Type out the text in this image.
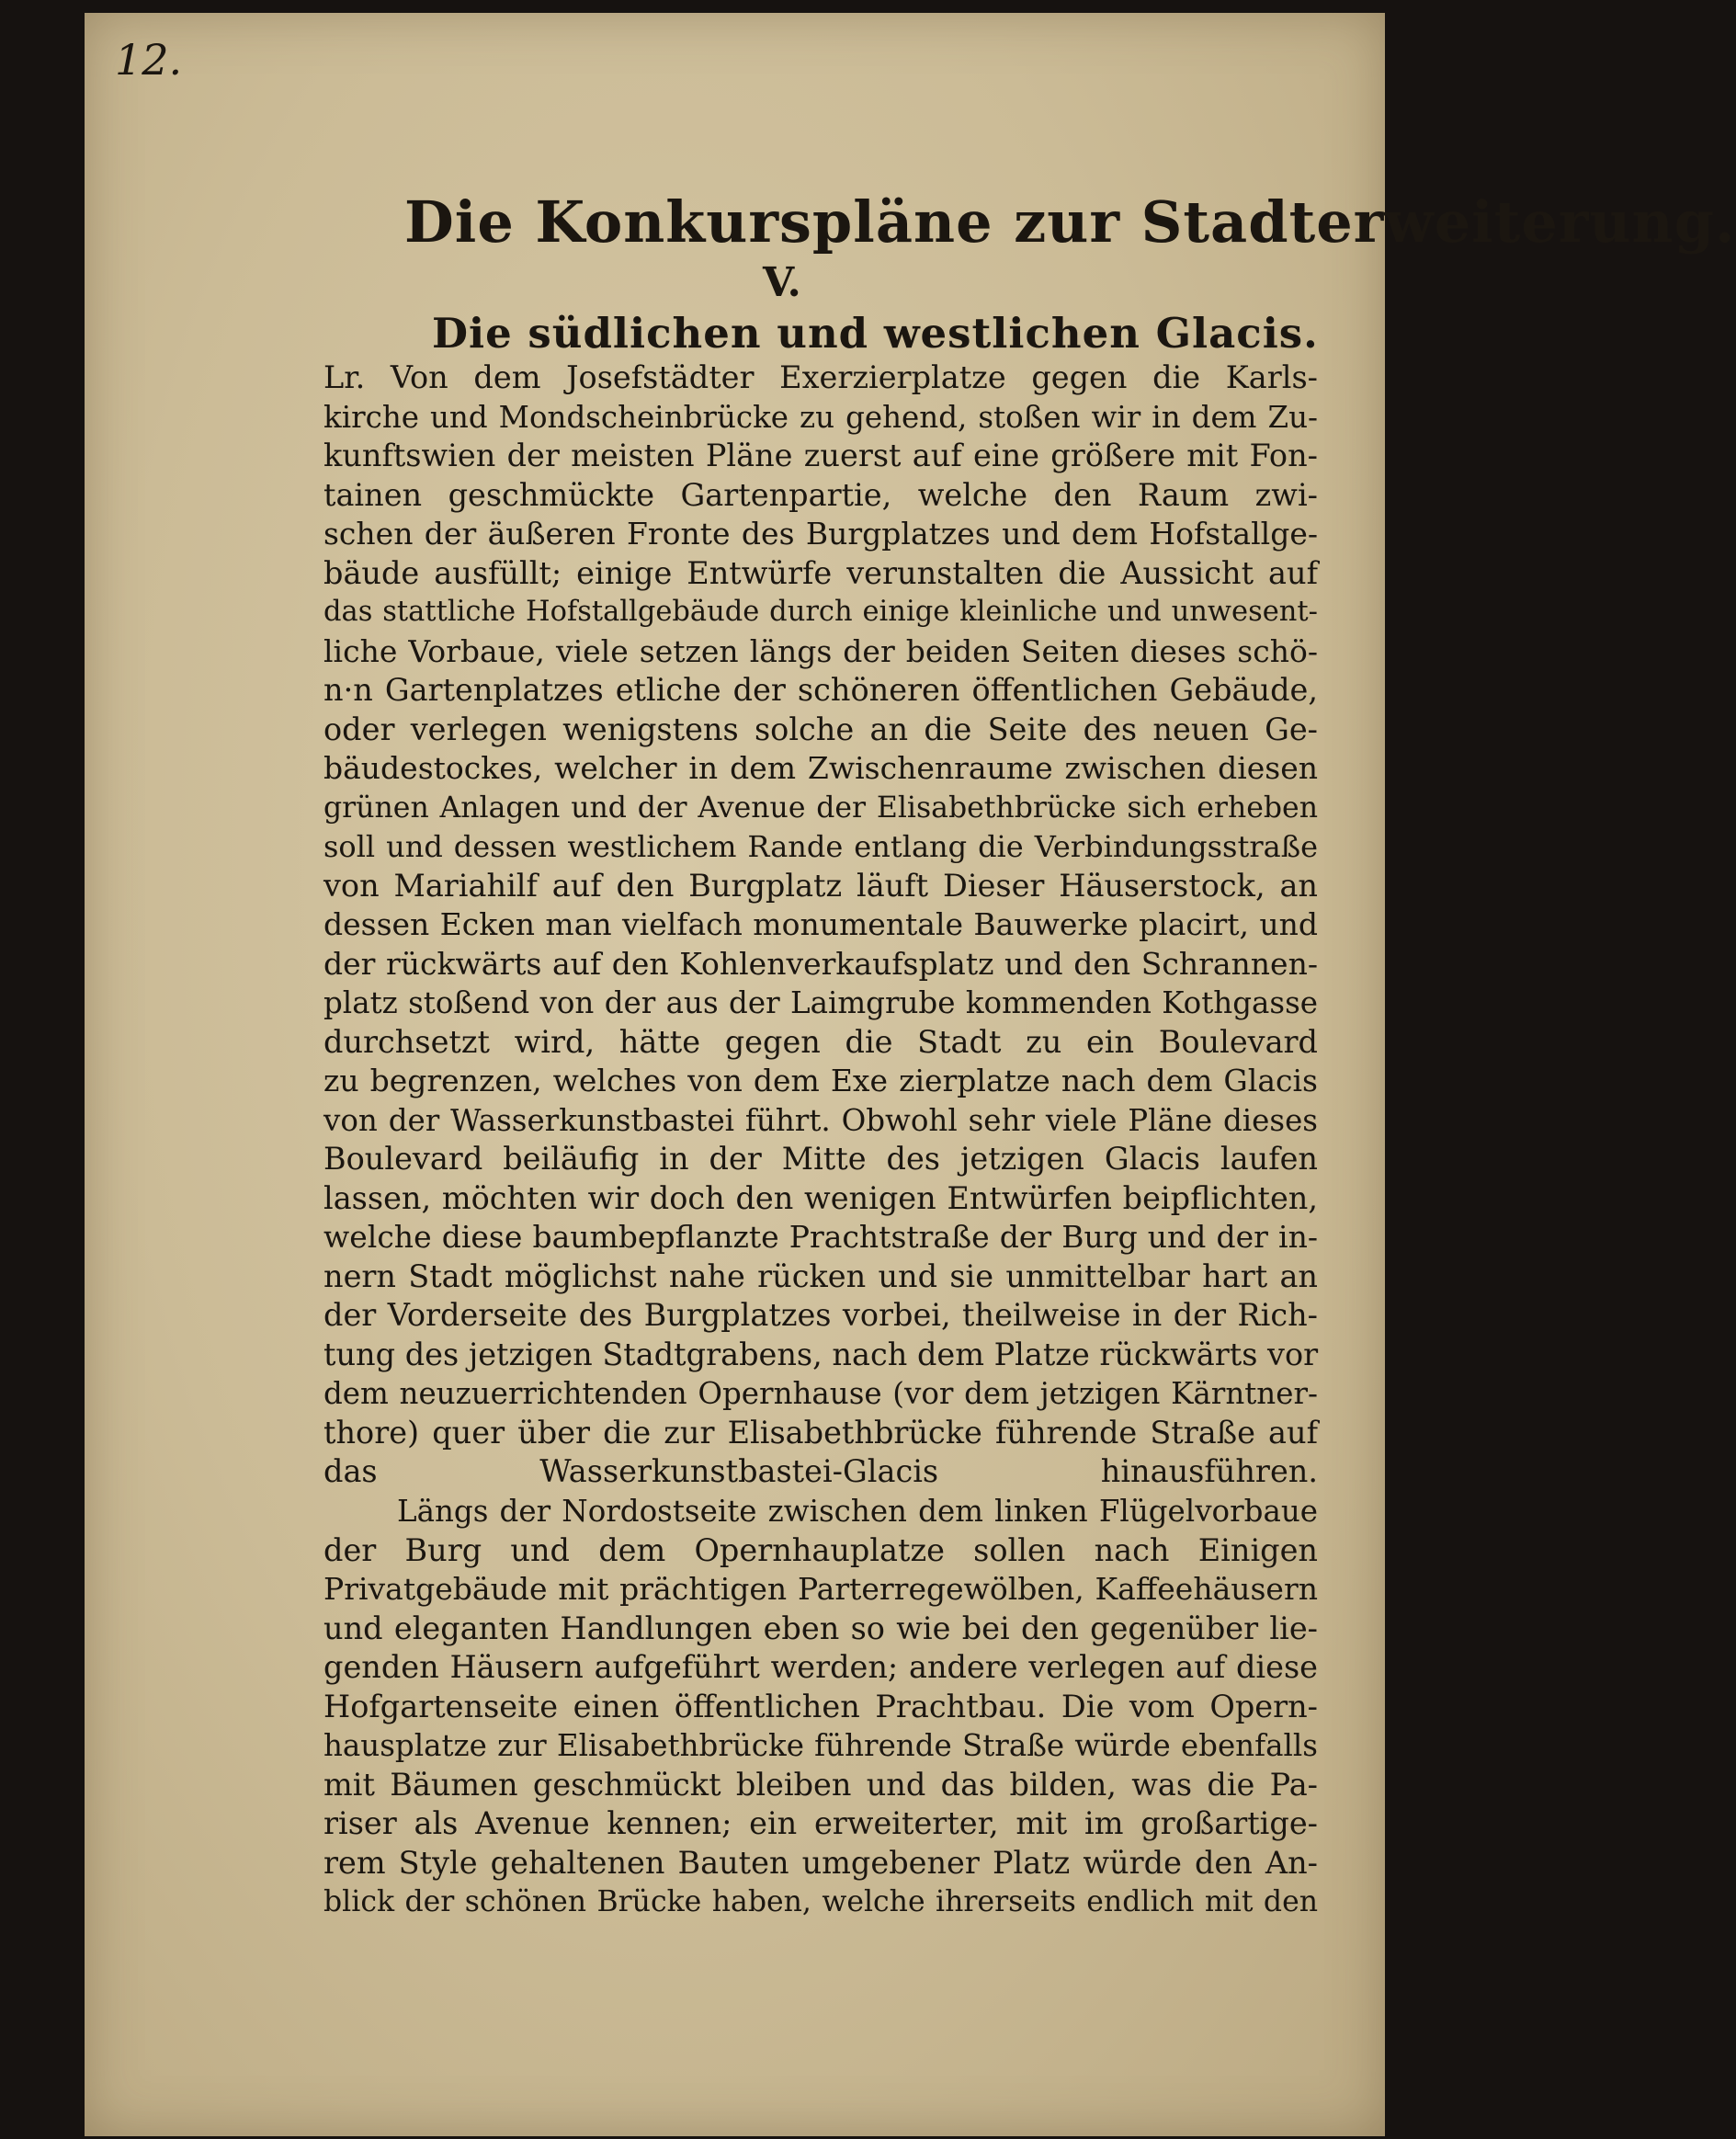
12.
Die Konkurspläne zur Stadterweiterung.
V.
Die südlichen und westlichen Glacis.
Lr. Von dem Josefstädter Exerzierplatze gegen die Karls-
kirche und Mondscheinbrücke zu gehend, stoßen wir in dem Zu-
kunftswien der meisten Pläne zuerst auf eine größere mit Fon-
tainen geschmückte Gartenpartie, welche den Raum zwi-
schen der äußeren Fronte des Burgplatzes und dem Hofstallge-
bäude ausfüllt; einige Entwürfe verunstalten die Aussicht auf
das stattliche Hofstallgebäude durch einige kleinliche und unwesent-
liche Vorbaue, viele setzen längs der beiden Seiten dieses schö-
n·n Gartenplatzes etliche der schöneren öffentlichen Gebäude,
oder verlegen wenigstens solche an die Seite des neuen Ge-
bäudestockes, welcher in dem Zwischenraume zwischen diesen
grünen Anlagen und der Avenue der Elisabethbrücke sich erheben
soll und dessen westlichem Rande entlang die Verbindungsstraße
von Mariahilf auf den Burgplatz läuft Dieser Häuserstock, an
dessen Ecken man vielfach monumentale Bauwerke placirt, und
der rückwärts auf den Kohlenverkaufsplatz und den Schrannen-
platz stoßend von der aus der Laimgrube kommenden Kothgasse
durchsetzt wird, hätte gegen die Stadt zu ein Boulevard
zu begrenzen, welches von dem Exe zierplatze nach dem Glacis
von der Wasserkunstbastei führt. Obwohl sehr viele Pläne dieses
Boulevard beiläufig in der Mitte des jetzigen Glacis laufen
lassen, möchten wir doch den wenigen Entwürfen beipflichten,
welche diese baumbepflanzte Prachtstraße der Burg und der in-
nern Stadt möglichst nahe rücken und sie unmittelbar hart an
der Vorderseite des Burgplatzes vorbei, theilweise in der Rich-
tung des jetzigen Stadtgrabens, nach dem Platze rückwärts vor
dem neuzuerrichtenden Opernhause (vor dem jetzigen Kärntner-
thore) quer über die zur Elisabethbrücke führende Straße auf
das Wasserkunstbastei-Glacis hinausführen.
Längs der Nordostseite zwischen dem linken Flügelvorbaue
der Burg und dem Opernhauplatze sollen nach Einigen
Privatgebäude mit prächtigen Parterregewölben, Kaffeehäusern
und eleganten Handlungen eben so wie bei den gegenüber lie-
genden Häusern aufgeführt werden; andere verlegen auf diese
Hofgartenseite einen öffentlichen Prachtbau. Die vom Opern-
hausplatze zur Elisabethbrücke führende Straße würde ebenfalls
mit Bäumen geschmückt bleiben und das bilden, was die Pa-
riser als Avenue kennen; ein erweiterter, mit im großartige-
rem Style gehaltenen Bauten umgebener Platz würde den An-
blick der schönen Brücke haben, welche ihrerseits endlich mit den
